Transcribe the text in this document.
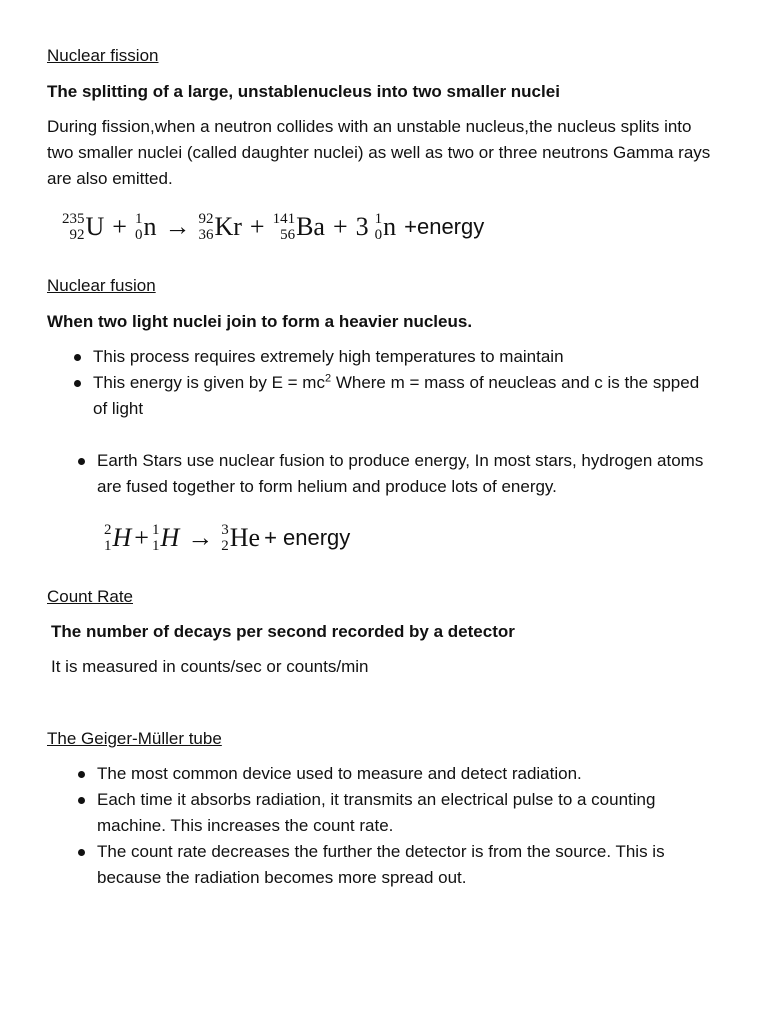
Nuclear fission
The splitting of a large, unstablenucleus into two smaller nuclei
During fission,when a neutron collides with an unstable nucleus,the nucleus splits into two smaller nuclei (called daughter nuclei) as well as two or three neutrons Gamma rays are also emitted.
235
92 U + 1
0 n → 92
36 Kr + 141
56 Ba + 3 1
0 n +energy
Nuclear fusion
When two light nuclei join to form a heavier nucleus.
This process requires extremely high temperatures to maintain
This energy is given by $E = mc^2$ Where m = mass of neucleas and c is the spped of light
Earth Stars use nuclear fusion to produce energy, In most stars, hydrogen atoms are fused together to form helium and produce lots of energy.
2
1 H + 1
1 H → 3
2 He + energy
Count Rate
The number of decays per second recorded by a detector
It is measured in counts/sec or counts/min
The Geiger-Müller tube
The most common device used to measure and detect radiation.
Each time it absorbs radiation, it transmits an electrical pulse to a counting machine. This increases the count rate.
The count rate decreases the further the detector is from the source. This is because the radiation becomes more spread out.
